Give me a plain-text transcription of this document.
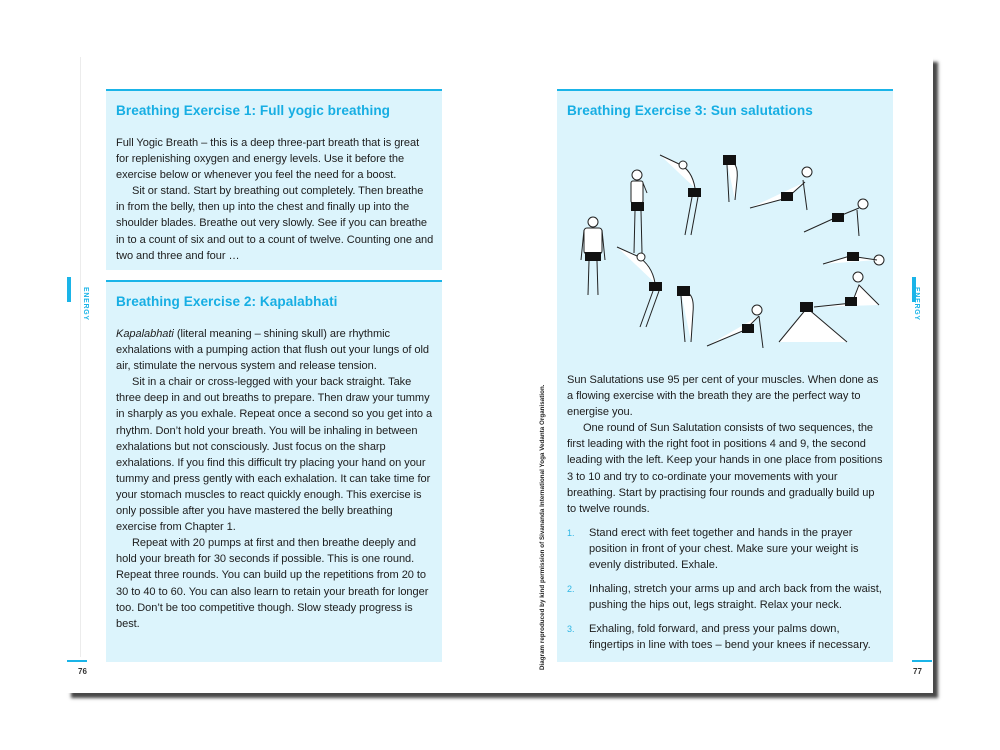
ENERGY	ENERGY
Breathing Exercise 1: Full yogic breathing

Full Yogic Breath – this is a deep three-part breath that is great for replenishing oxygen and energy levels. Use it before the exercise below or whenever you feel the need for a boost.

Sit or stand. Start by breathing out completely. Then breathe in from the belly, then up into the chest and finally up into the shoulder blades. Breathe out very slowly. See if you can breathe in to a count of six and out to a count of twelve. Counting one and two and three and four …

Breathing Exercise 2: Kapalabhati

Kapalabhati (literal meaning – shining skull) are rhythmic exhalations with a pumping action that flush out your lungs of old air, stimulate the nervous system and release tension.

Sit in a chair or cross-legged with your back straight. Take three deep in and out breaths to prepare. Then draw your tummy in sharply as you exhale. Repeat once a second so you get into a rhythm. Don’t hold your breath. You will be inhaling in between exhalations but not consciously. Just focus on the sharp exhalations. If you find this difficult try placing your hand on your tummy and press gently with each exhalation. It can take time for your stomach muscles to react quickly enough. This exercise is only possible after you have mastered the belly breathing exercise from Chapter 1.

Repeat with 20 pumps at first and then breathe deeply and hold your breath for 30 seconds if possible. This is one round. Repeat three rounds. You can build up the repetitions from 20 to 30 to 40 to 60. You can also learn to retain your breath for longer too. Don’t be too competitive though. Slow steady progress is best.	Diagram reproduced by kind permission of Sivananda International Yoga Vedanta Organisation.
Breathing Exercise 3: Sun salutations

Sun Salutations use 95 per cent of your muscles. When done as a flowing exercise with the breath they are the perfect way to energise you.

One round of Sun Salutation consists of two sequences, the first leading with the right foot in positions 4 and 9, the second leading with the left. Keep your hands in one place from positions 3 to 10 and try to co-ordinate your movements with your breathing. Start by practising four rounds and gradually build up to twelve rounds.

1. Stand erect with feet together and hands in the prayer position in front of your chest. Make sure your weight is evenly distributed. Exhale.
2. Inhaling, stretch your arms up and arch back from the waist, pushing the hips out, legs straight. Relax your neck.
3. Exhaling, fold forward, and press your palms down, fingertips in line with toes – bend your knees if necessary.
76	77
